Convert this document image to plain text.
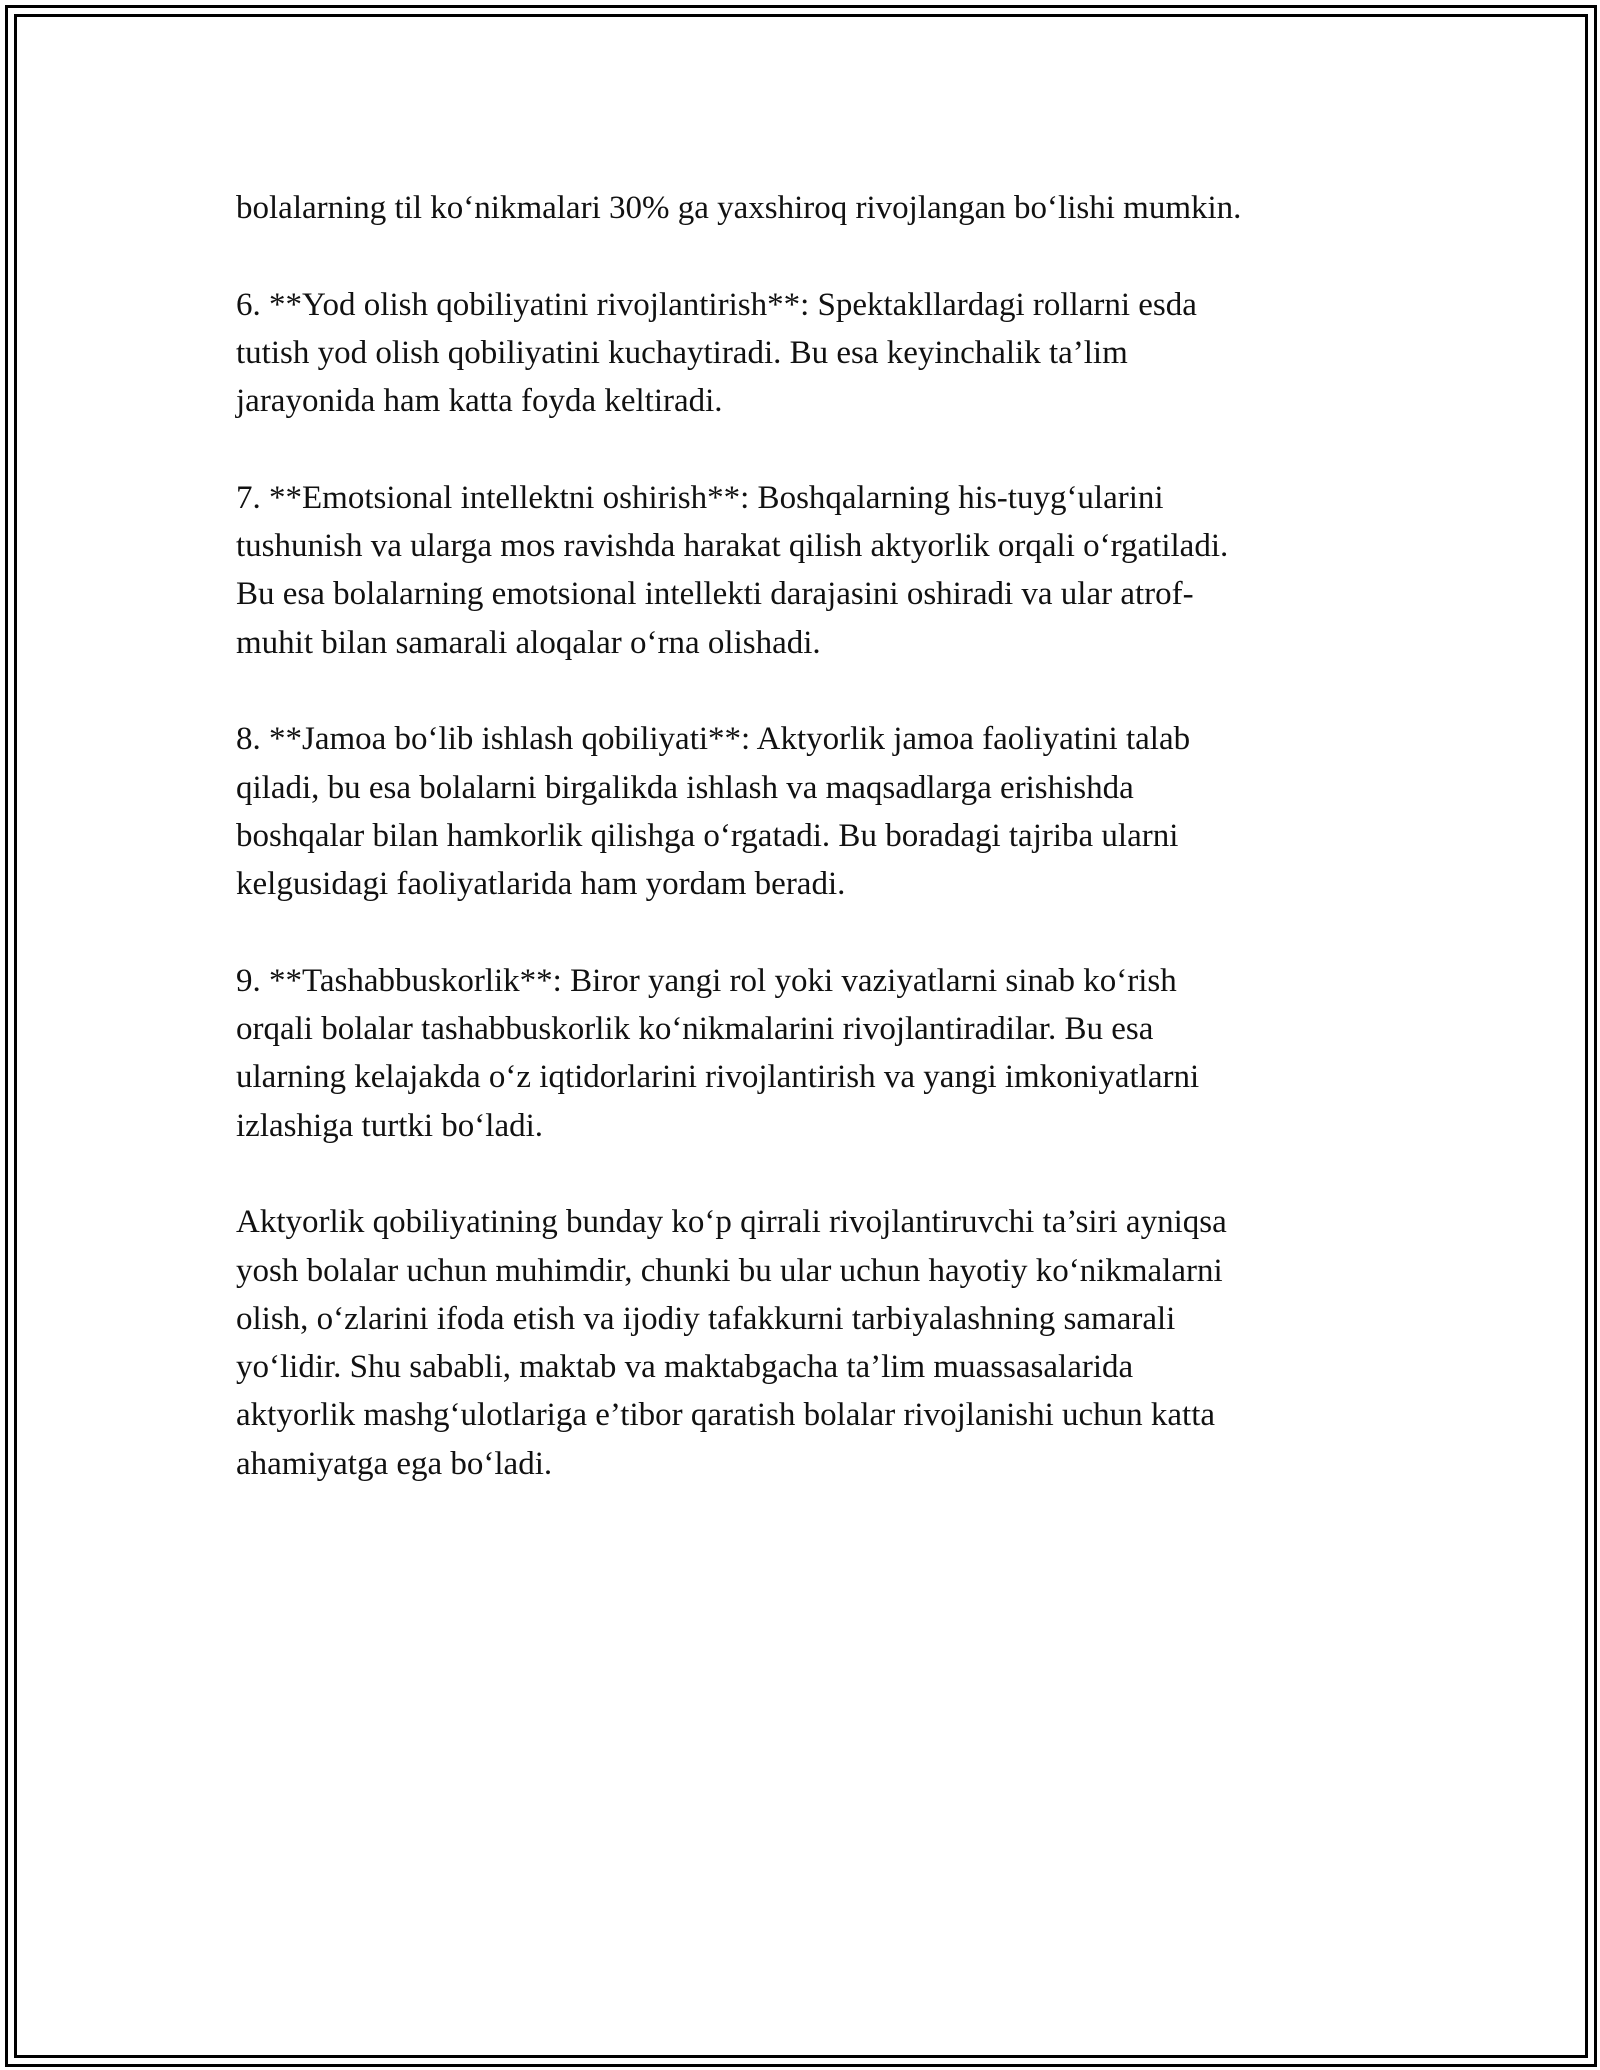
bolalarning til ko‘nikmalari 30% ga yaxshiroq rivojlangan bo‘lishi mumkin.

6. **Yod olish qobiliyatini rivojlantirish**: Spektakllardagi rollarni esda
tutish yod olish qobiliyatini kuchaytiradi. Bu esa keyinchalik ta’lim
jarayonida ham katta foyda keltiradi.

7. **Emotsional intellektni oshirish**: Boshqalarning his-tuyg‘ularini
tushunish va ularga mos ravishda harakat qilish aktyorlik orqali o‘rgatiladi.
Bu esa bolalarning emotsional intellekti darajasini oshiradi va ular atrof-
muhit bilan samarali aloqalar o‘rna olishadi.

8. **Jamoa bo‘lib ishlash qobiliyati**: Aktyorlik jamoa faoliyatini talab
qiladi, bu esa bolalarni birgalikda ishlash va maqsadlarga erishishda
boshqalar bilan hamkorlik qilishga o‘rgatadi. Bu boradagi tajriba ularni
kelgusidagi faoliyatlarida ham yordam beradi.

9. **Tashabbuskorlik**: Biror yangi rol yoki vaziyatlarni sinab ko‘rish
orqali bolalar tashabbuskorlik ko‘nikmalarini rivojlantiradilar. Bu esa
ularning kelajakda o‘z iqtidorlarini rivojlantirish va yangi imkoniyatlarni
izlashiga turtki bo‘ladi.

Aktyorlik qobiliyatining bunday ko‘p qirrali rivojlantiruvchi ta’siri ayniqsa
yosh bolalar uchun muhimdir, chunki bu ular uchun hayotiy ko‘nikmalarni
olish, o‘zlarini ifoda etish va ijodiy tafakkurni tarbiyalashning samarali
yo‘lidir. Shu sababli, maktab va maktabgacha ta’lim muassasalarida
aktyorlik mashg‘ulotlariga e’tibor qaratish bolalar rivojlanishi uchun katta
ahamiyatga ega bo‘ladi.
